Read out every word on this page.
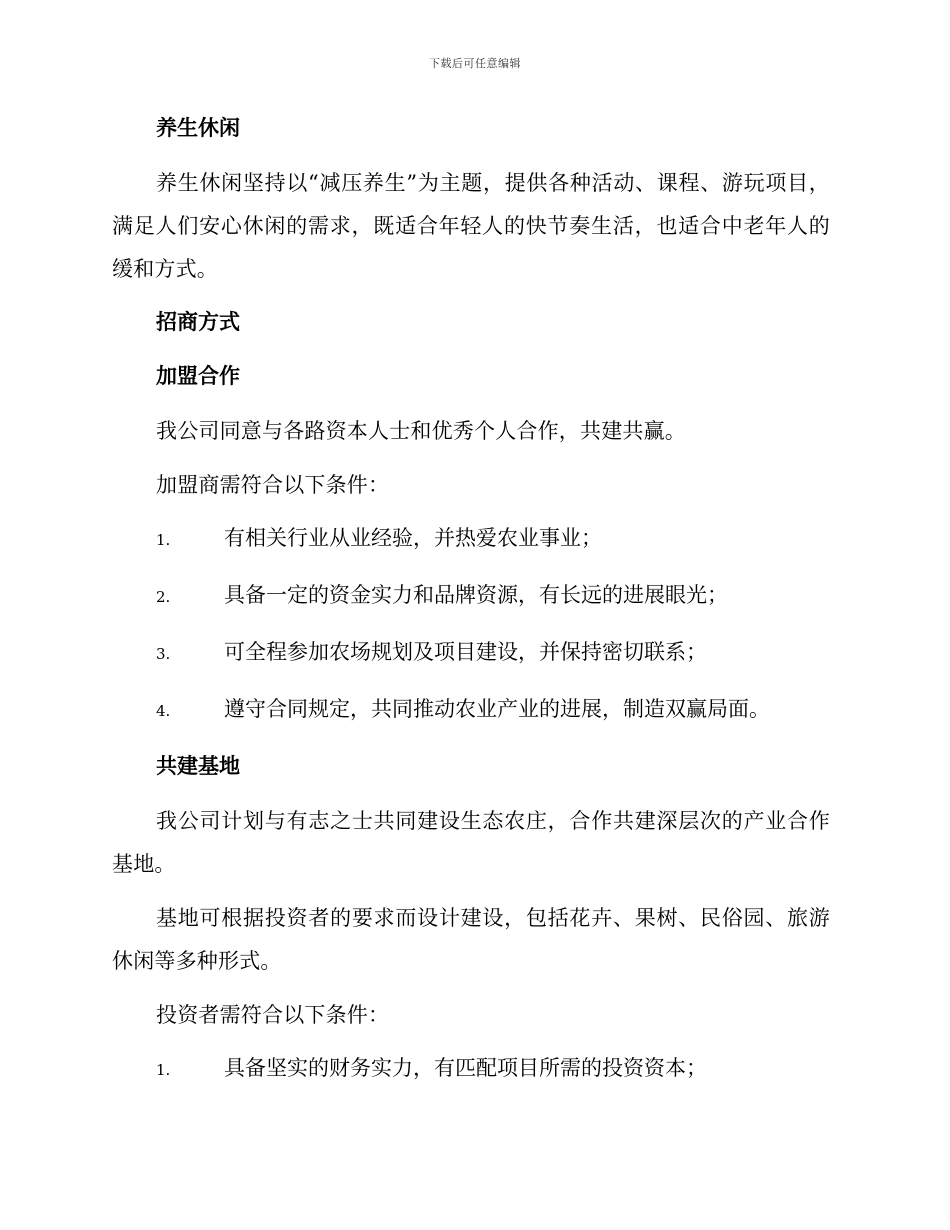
下载后可任意编辑
养生休闲

养生休闲坚持以“减压养生”为主题，提供各种活动、课程、游玩项目，满足人们安心休闲的需求，既适合年轻人的快节奏生活，也适合中老年人的缓和方式。

招商方式
加盟合作

我公司同意与各路资本人士和优秀个人合作，共建共赢。

加盟商需符合以下条件：

1.	有相关行业从业经验，并热爱农业事业；
2.	具备一定的资金实力和品牌资源，有长远的进展眼光；
3.	可全程参加农场规划及项目建设，并保持密切联系；
4.	遵守合同规定，共同推动农业产业的进展，制造双赢局面。
共建基地

我公司计划与有志之士共同建设生态农庄，合作共建深层次的产业合作基地。

基地可根据投资者的要求而设计建设，包括花卉、果树、民俗园、旅游休闲等多种形式。

投资者需符合以下条件：

1.	具备坚实的财务实力，有匹配项目所需的投资资本；
